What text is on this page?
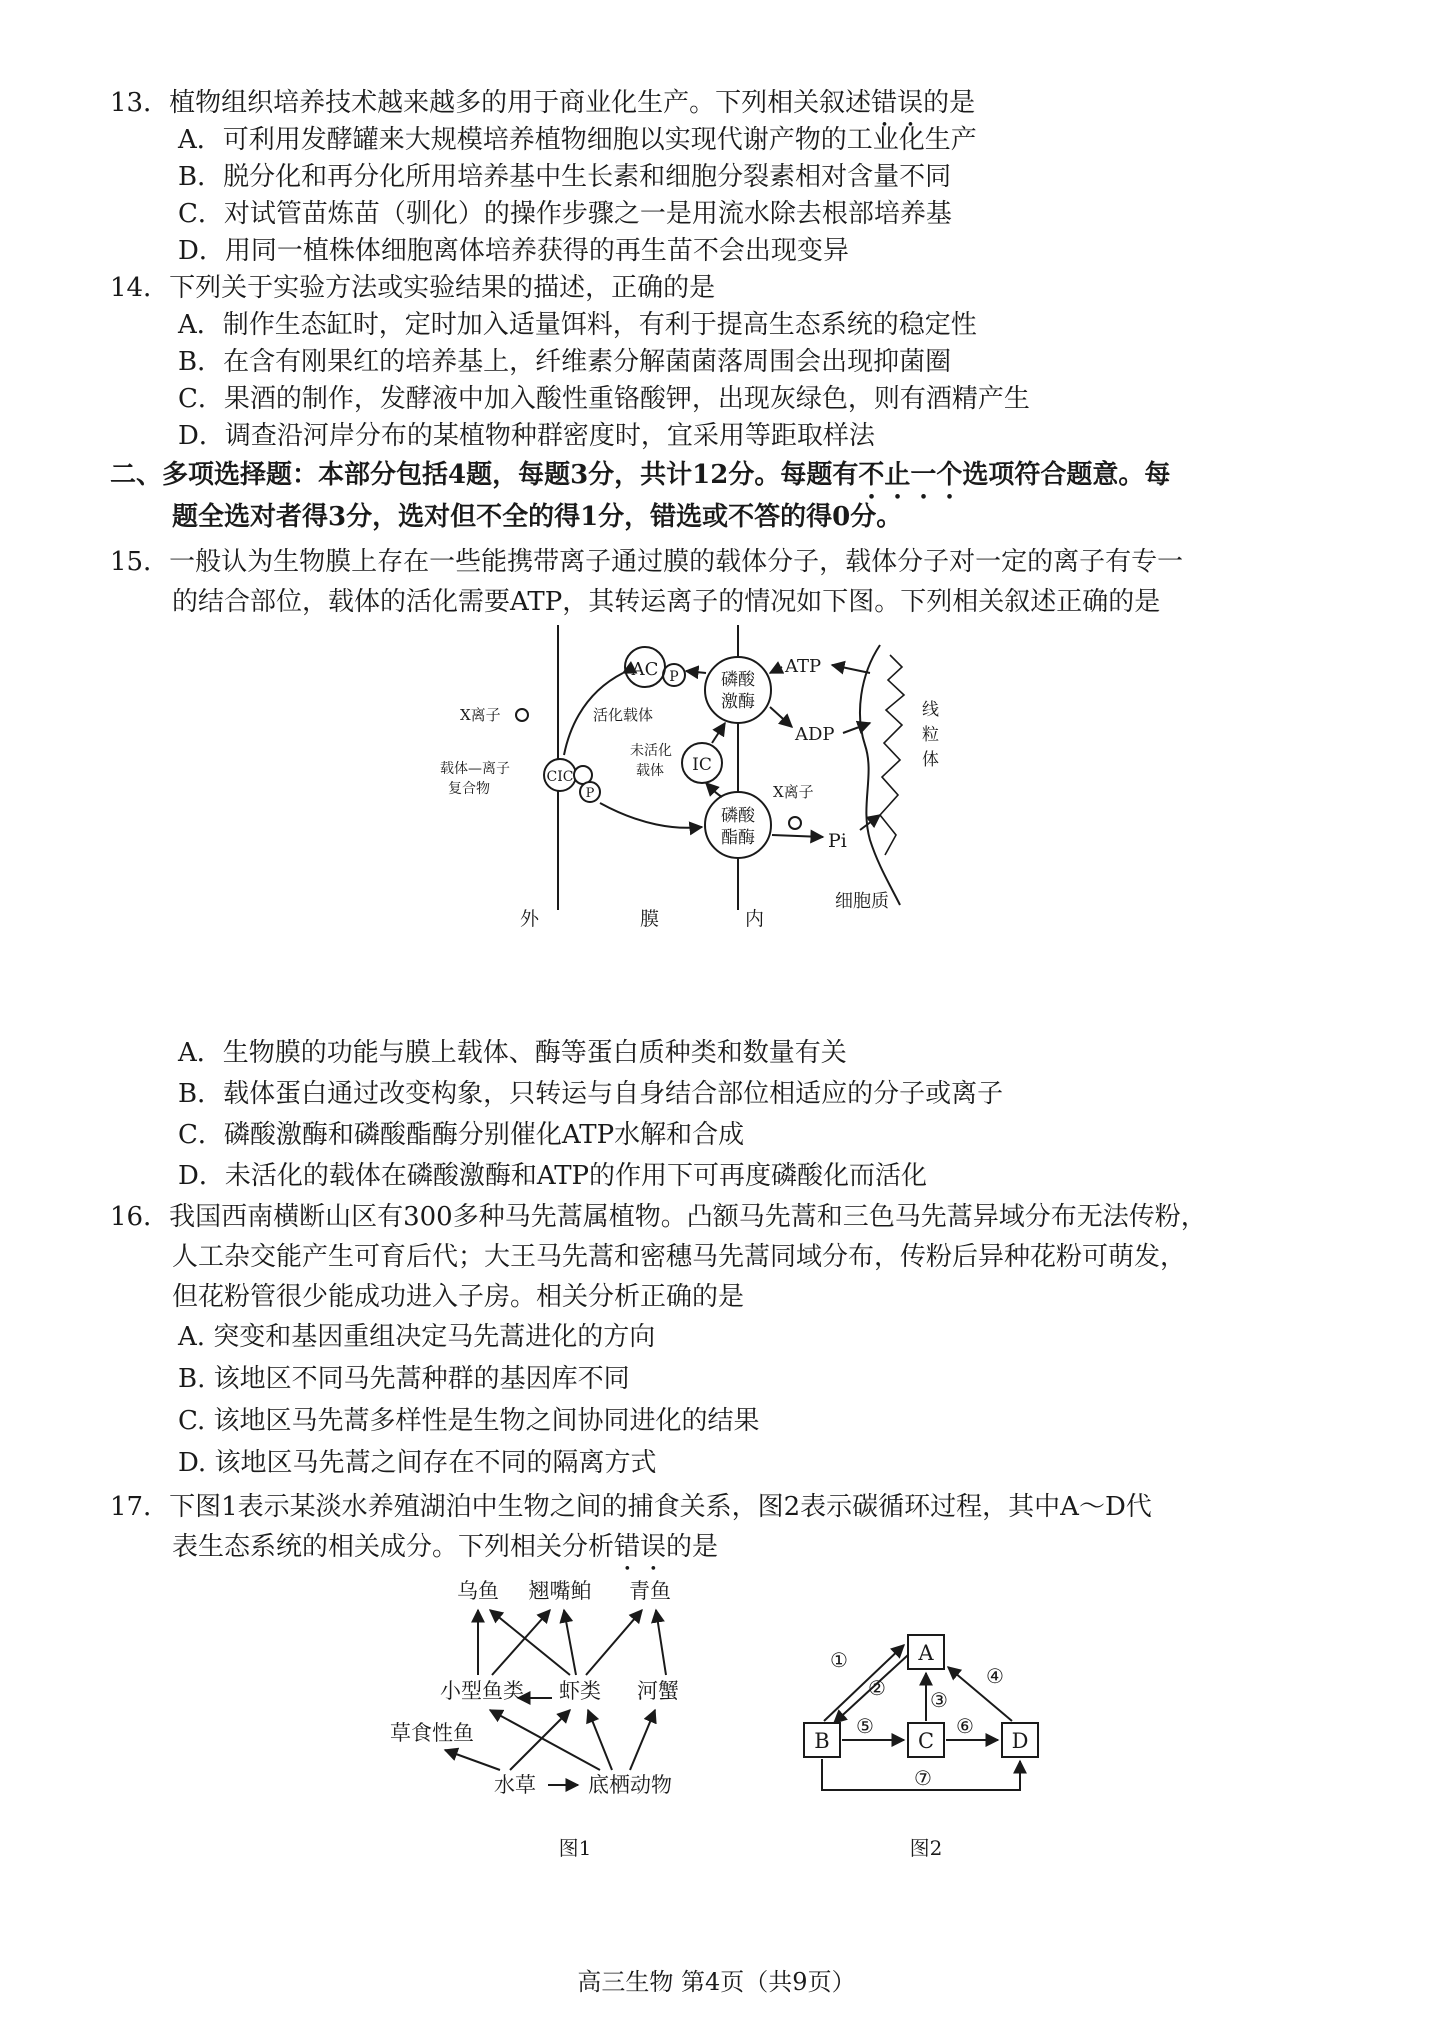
13．植物组织培养技术越来越多的用于商业化生产。下列相关叙述错误的是
A．可利用发酵罐来大规模培养植物细胞以实现代谢产物的工业化生产
B．脱分化和再分化所用培养基中生长素和细胞分裂素相对含量不同
C．对试管苗炼苗（驯化）的操作步骤之一是用流水除去根部培养基
D．用同一植株体细胞离体培养获得的再生苗不会出现变异
14．下列关于实验方法或实验结果的描述，正确的是
A．制作生态缸时，定时加入适量饵料，有利于提高生态系统的稳定性
B．在含有刚果红的培养基上，纤维素分解菌菌落周围会出现抑菌圈
C．果酒的制作，发酵液中加入酸性重铬酸钾，出现灰绿色，则有酒精产生
D．调查沿河岸分布的某植物种群密度时，宜采用等距取样法
二、多项选择题：本部分包括4题，每题3分，共计12分。每题有不止一个选项符合题意。每
题全选对者得3分，选对但不全的得1分，错选或不答的得0分。
15．一般认为生物膜上存在一些能携带离子通过膜的载体分子，载体分子对一定的离子有专一
的结合部位，载体的活化需要ATP，其转运离子的情况如下图。下列相关叙述正确的是
AC P
活化载体
磷酸
激酶
ATP
ADP
线
粒
体
X离子
未活化
载体 IC
载体—离子
复合物
CIC
P
磷酸
酯酶
X离子
Pi
外	膜	内
细胞质
A．生物膜的功能与膜上载体、酶等蛋白质种类和数量有关
B．载体蛋白通过改变构象，只转运与自身结合部位相适应的分子或离子
C．磷酸激酶和磷酸酯酶分别催化ATP水解和合成
D．未活化的载体在磷酸激酶和ATP的作用下可再度磷酸化而活化
16．我国西南横断山区有300多种马先蒿属植物。凸额马先蒿和三色马先蒿异域分布无法传粉，
人工杂交能产生可育后代；大王马先蒿和密穗马先蒿同域分布，传粉后异种花粉可萌发，
但花粉管很少能成功进入子房。相关分析正确的是
A. 突变和基因重组决定马先蒿进化的方向
B. 该地区不同马先蒿种群的基因库不同
C. 该地区马先蒿多样性是生物之间协同进化的结果
D. 该地区马先蒿之间存在不同的隔离方式
17．下图1表示某淡水养殖湖泊中生物之间的捕食关系，图2表示碳循环过程，其中A～D代
表生态系统的相关成分。下列相关分析错误的是
乌鱼 翘嘴鲌 青鱼
小型鱼类 虾类 河蟹
草食性鱼
水草 底栖动物
图1
A
B	C	D
①
② ③
④
⑤	⑥
⑦
图2
高三生物 第4页（共9页）
